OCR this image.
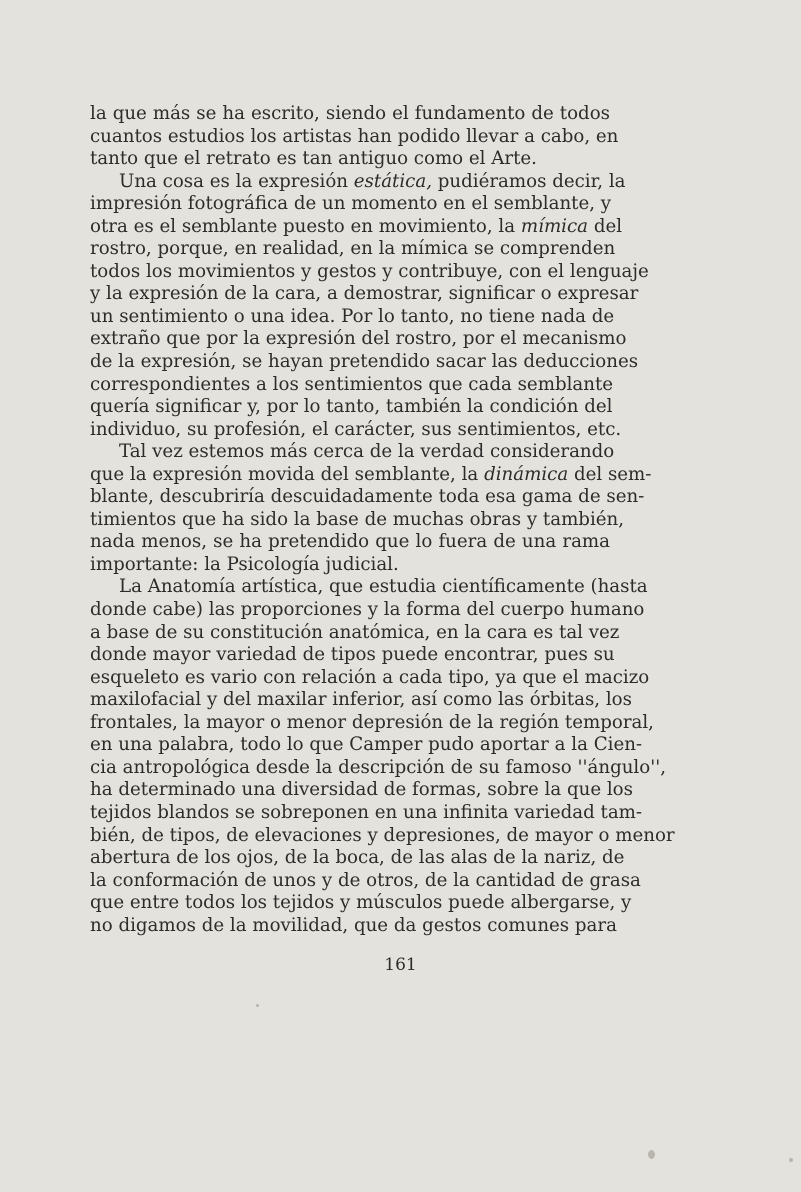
la que más se ha escrito, siendo el fundamento de todos
cuantos estudios los artistas han podido llevar a cabo, en
tanto que el retrato es tan antiguo como el Arte.
Una cosa es la expresión estática, pudiéramos decir, la
impresión fotográfica de un momento en el semblante, y
otra es el semblante puesto en movimiento, la mímica del
rostro, porque, en realidad, en la mímica se comprenden
todos los movimientos y gestos y contribuye, con el lenguaje
y la expresión de la cara, a demostrar, significar o expresar
un sentimiento o una idea. Por lo tanto, no tiene nada de
extraño que por la expresión del rostro, por el mecanismo
de la expresión, se hayan pretendido sacar las deducciones
correspondientes a los sentimientos que cada semblante
quería significar y, por lo tanto, también la condición del
individuo, su profesión, el carácter, sus sentimientos, etc.
Tal vez estemos más cerca de la verdad considerando
que la expresión movida del semblante, la dinámica del sem-
blante, descubriría descuidadamente toda esa gama de sen-
timientos que ha sido la base de muchas obras y también,
nada menos, se ha pretendido que lo fuera de una rama
importante: la Psicología judicial.
La Anatomía artística, que estudia científicamente (hasta
donde cabe) las proporciones y la forma del cuerpo humano
a base de su constitución anatómica, en la cara es tal vez
donde mayor variedad de tipos puede encontrar, pues su
esqueleto es vario con relación a cada tipo, ya que el macizo
maxilofacial y del maxilar inferior, así como las órbitas, los
frontales, la mayor o menor depresión de la región temporal,
en una palabra, todo lo que Camper pudo aportar a la Cien-
cia antropológica desde la descripción de su famoso ''ángulo'',
ha determinado una diversidad de formas, sobre la que los
tejidos blandos se sobreponen en una infinita variedad tam-
bién, de tipos, de elevaciones y depresiones, de mayor o menor
abertura de los ojos, de la boca, de las alas de la nariz, de
la conformación de unos y de otros, de la cantidad de grasa
que entre todos los tejidos y músculos puede albergarse, y
no digamos de la movilidad, que da gestos comunes para
161
